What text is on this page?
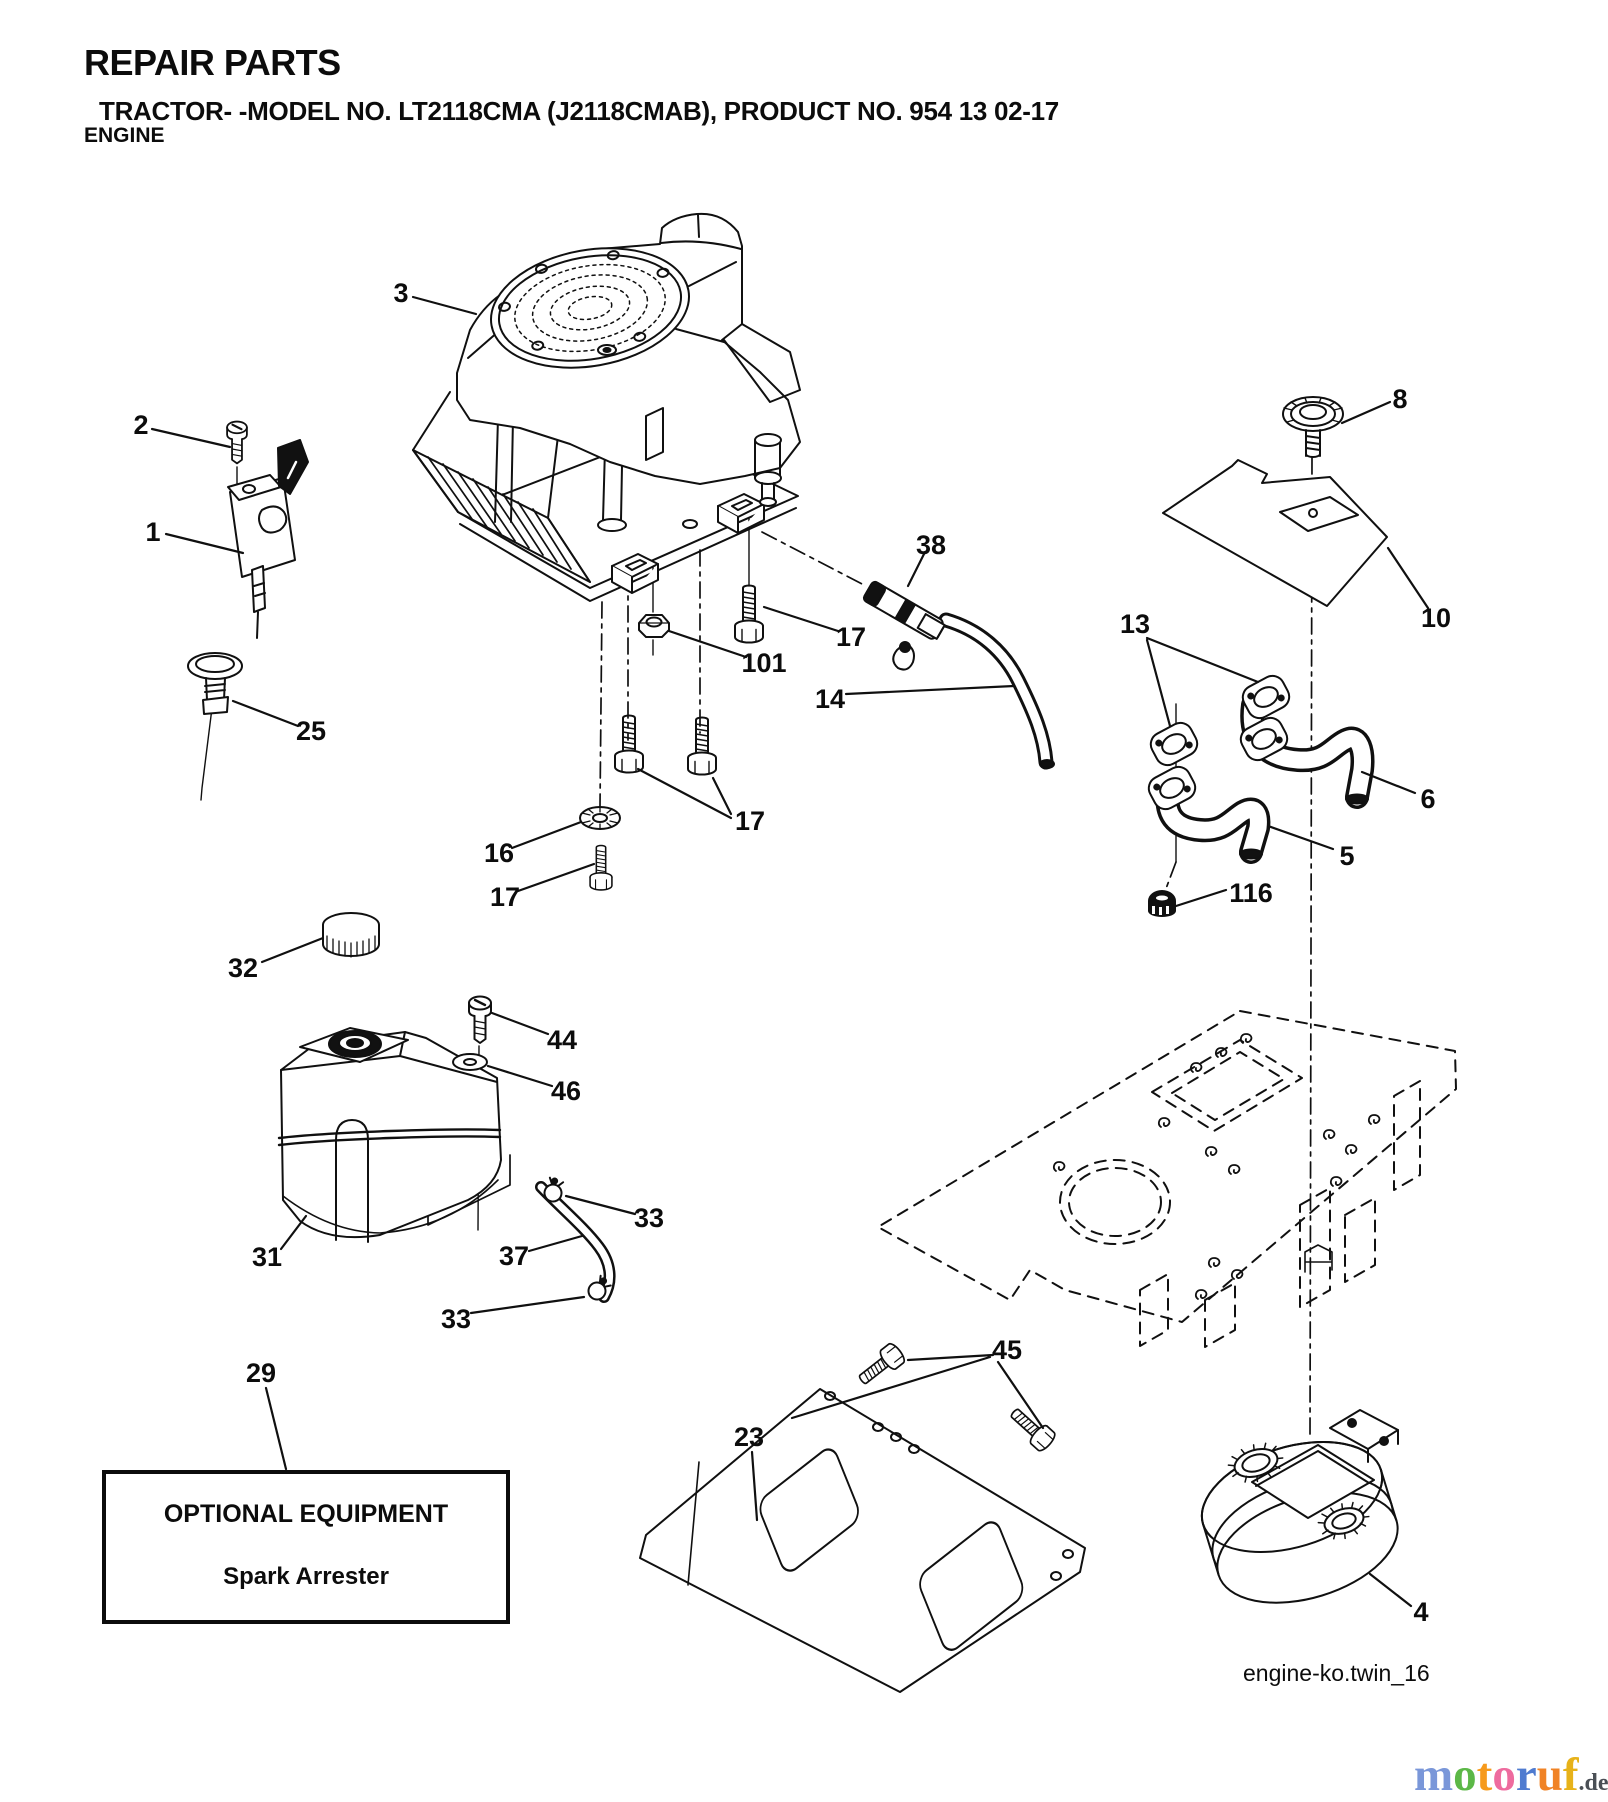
REPAIR PARTS
TRACTOR- -MODEL NO. LT2118CMA (J2118CMAB), PRODUCT NO. 954 13 02-17
ENGINE
3
2
1
25
38
17
101
14
17
16
17
8
10
13
6
5
116
32
44
46
31
33
37
33
29
23
45
4
OPTIONAL EQUIPMENT
Spark Arrester
engine-ko.twin_16
motoruf.de
